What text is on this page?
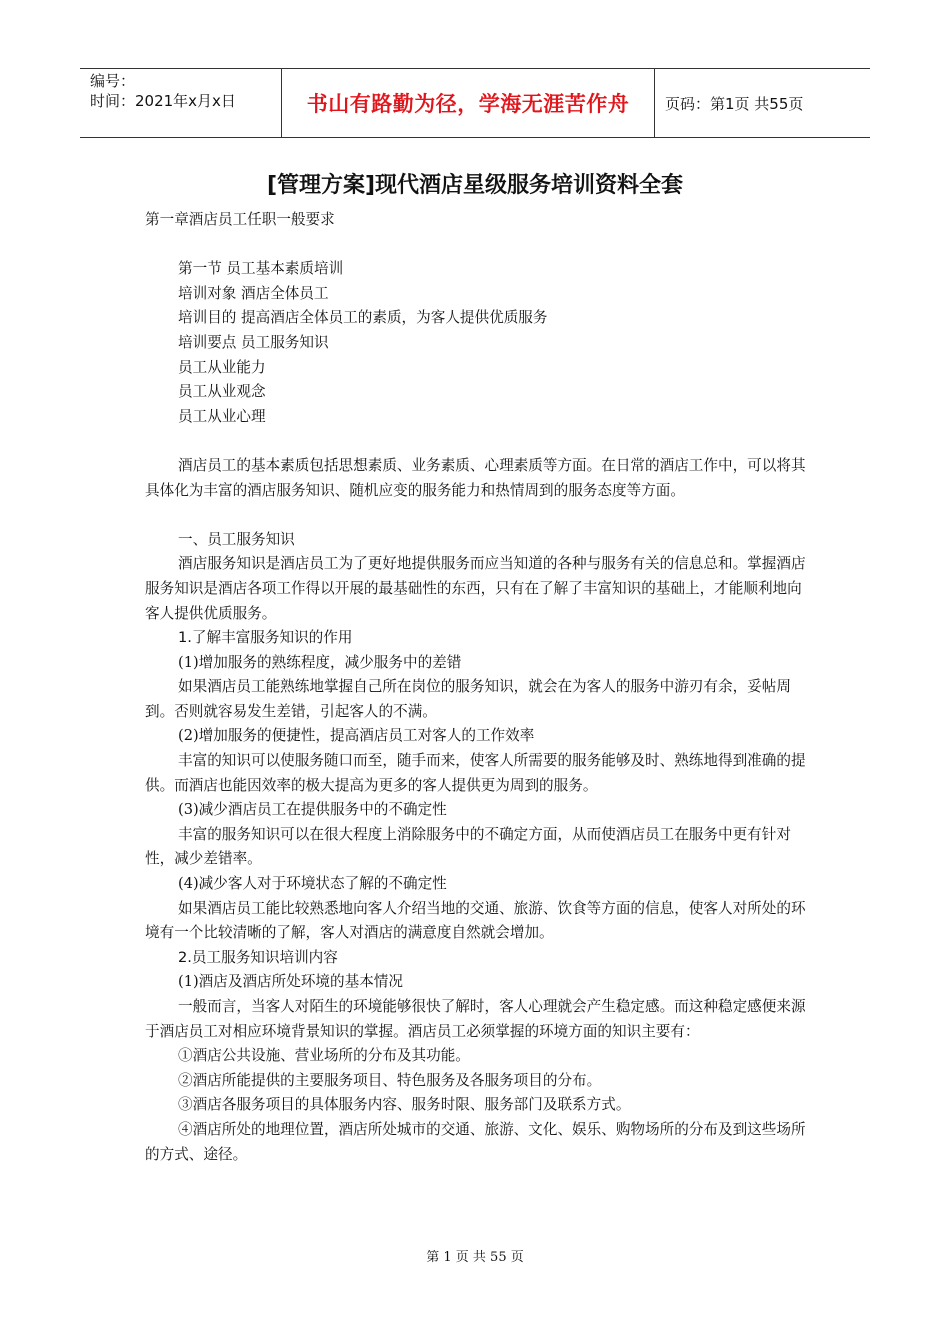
编号：
时间：2021年x月x日	书山有路勤为径，学海无涯苦作舟	页码：第1页 共55页
[管理方案]现代酒店星级服务培训资料全套

第一章酒店员工任职一般要求

第一节 员工基本素质培训

培训对象 酒店全体员工

培训目的 提高酒店全体员工的素质，为客人提供优质服务

培训要点 员工服务知识

员工从业能力

员工从业观念

员工从业心理

酒店员工的基本素质包括思想素质、业务素质、心理素质等方面。在日常的酒店工作中，可以将其具体化为丰富的酒店服务知识、随机应变的服务能力和热情周到的服务态度等方面。

一、员工服务知识

酒店服务知识是酒店员工为了更好地提供服务而应当知道的各种与服务有关的信息总和。掌握酒店服务知识是酒店各项工作得以开展的最基础性的东西，只有在了解了丰富知识的基础上，才能顺利地向客人提供优质服务。

1.了解丰富服务知识的作用

(1)增加服务的熟练程度，减少服务中的差错

如果酒店员工能熟练地掌握自己所在岗位的服务知识，就会在为客人的服务中游刃有余，妥帖周到。否则就容易发生差错，引起客人的不满。

(2)增加服务的便捷性，提高酒店员工对客人的工作效率

丰富的知识可以使服务随口而至，随手而来，使客人所需要的服务能够及时、熟练地得到准确的提供。而酒店也能因效率的极大提高为更多的客人提供更为周到的服务。

(3)减少酒店员工在提供服务中的不确定性

丰富的服务知识可以在很大程度上消除服务中的不确定方面，从而使酒店员工在服务中更有针对性，减少差错率。

(4)减少客人对于环境状态了解的不确定性

如果酒店员工能比较熟悉地向客人介绍当地的交通、旅游、饮食等方面的信息，使客人对所处的环境有一个比较清晰的了解，客人对酒店的满意度自然就会增加。

2.员工服务知识培训内容

(1)酒店及酒店所处环境的基本情况

一般而言，当客人对陌生的环境能够很快了解时，客人心理就会产生稳定感。而这种稳定感便来源于酒店员工对相应环境背景知识的掌握。酒店员工必须掌握的环境方面的知识主要有：

①酒店公共设施、营业场所的分布及其功能。

②酒店所能提供的主要服务项目、特色服务及各服务项目的分布。

③酒店各服务项目的具体服务内容、服务时限、服务部门及联系方式。

④酒店所处的地理位置，酒店所处城市的交通、旅游、文化、娱乐、购物场所的分布及到这些场所的方式、途径。

第 1 页 共 55 页
